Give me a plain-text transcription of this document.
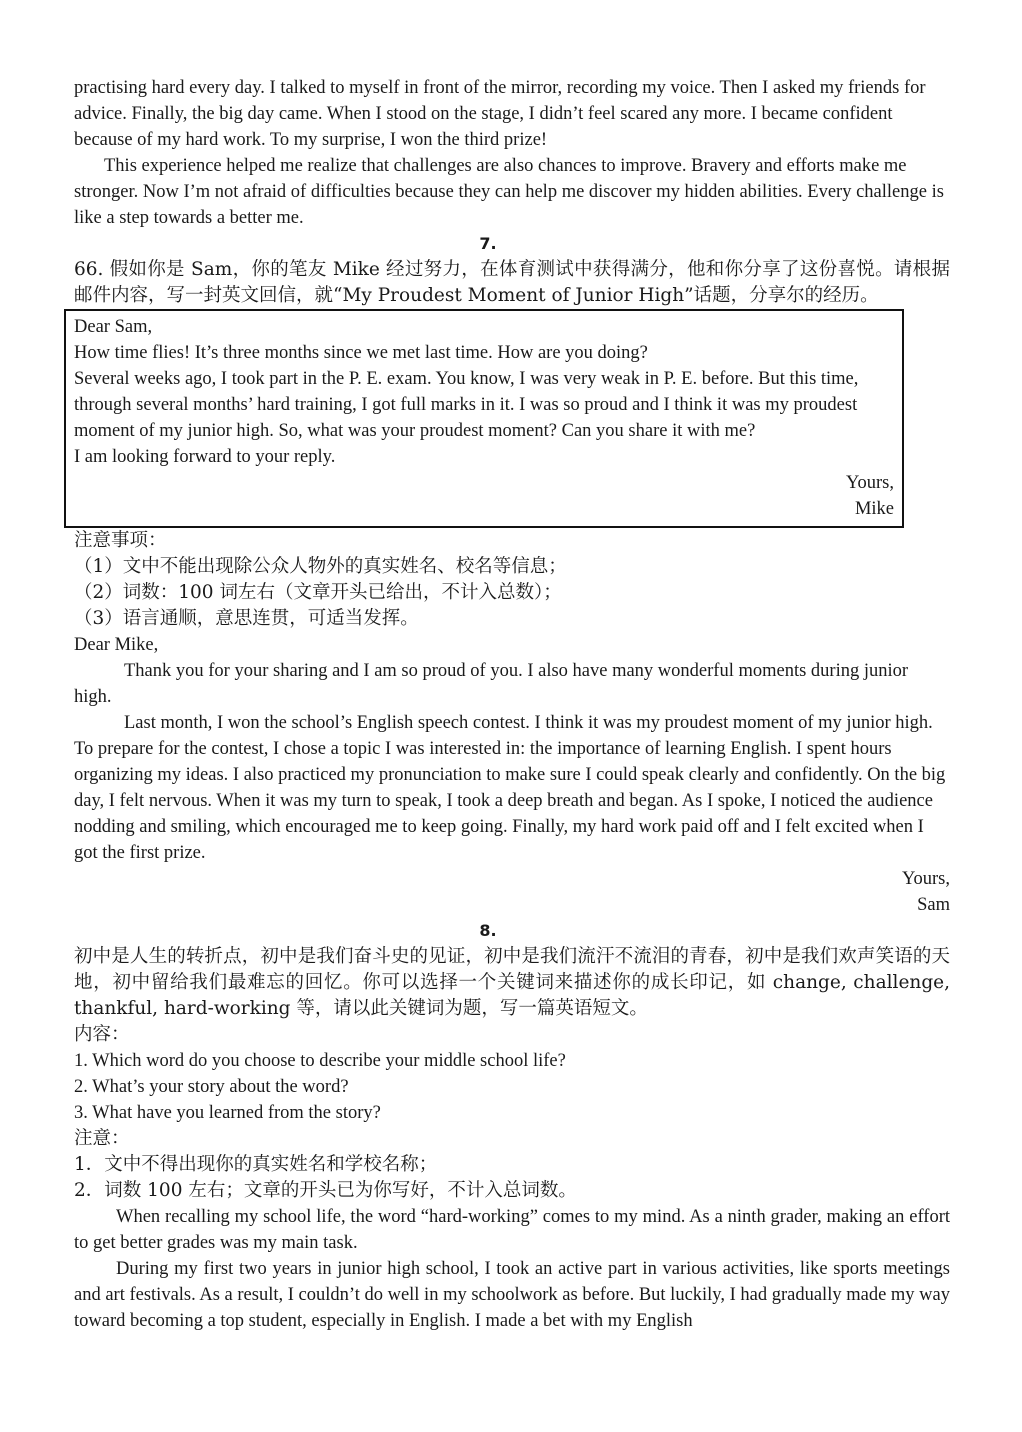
practising hard every day. I talked to myself in front of the mirror, recording my voice. Then I asked my friends for advice. Finally, the big day came. When I stood on the stage, I didn’t feel scared any more. I became confident because of my hard work. To my surprise, I won the third prize!

This experience helped me realize that challenges are also chances to improve. Bravery and efforts make me stronger. Now I’m not afraid of difficulties because they can help me discover my hidden abilities. Every challenge is like a step towards a better me.

7.

66. 假如你是 Sam，你的笔友 Mike 经过努力，在体育测试中获得满分，他和你分享了这份喜悦。请根据邮件内容，写一封英文回信，就“My Proudest Moment of Junior High”话题，分享尔的经历。

Dear Sam,

How time flies! It’s three months since we met last time. How are you doing?

Several weeks ago, I took part in the P. E. exam. You know, I was very weak in P. E. before. But this time, through several months’ hard training, I got full marks in it. I was so proud and I think it was my proudest moment of my junior high. So, what was your proudest moment? Can you share it with me?

I am looking forward to your reply.

Yours,

Mike

注意事项：

（1）文中不能出现除公众人物外的真实姓名、校名等信息；

（2）词数：100 词左右（文章开头已给出，不计入总数）；

（3）语言通顺，意思连贯，可适当发挥。

Dear Mike,

Thank you for your sharing and I am so proud of you. I also have many wonderful moments during junior high.

Last month, I won the school’s English speech contest. I think it was my proudest moment of my junior high. To prepare for the contest, I chose a topic I was interested in: the importance of learning English. I spent hours organizing my ideas. I also practiced my pronunciation to make sure I could speak clearly and confidently. On the big day, I felt nervous. When it was my turn to speak, I took a deep breath and began. As I spoke, I noticed the audience nodding and smiling, which encouraged me to keep going. Finally, my hard work paid off and I felt excited when I got the first prize.

Yours,

Sam

8.

初中是人生的转折点，初中是我们奋斗史的见证，初中是我们流汗不流泪的青春，初中是我们欢声笑语的天地，初中留给我们最难忘的回忆。你可以选择一个关键词来描述你的成长印记，如 change, challenge, thankful, hard-working 等，请以此关键词为题，写一篇英语短文。

内容：

1. Which word do you choose to describe your middle school life?

2. What’s your story about the word?

3. What have you learned from the story?

注意：

1．文中不得出现你的真实姓名和学校名称；

2．词数 100 左右；文章的开头已为你写好，不计入总词数。

When recalling my school life, the word “hard-working” comes to my mind. As a ninth grader, making an effort to get better grades was my main task.

During my first two years in junior high school, I took an active part in various activities, like sports meetings and art festivals. As a result, I couldn’t do well in my schoolwork as before. But luckily, I had gradually made my way toward becoming a top student, especially in English. I made a bet with my English
